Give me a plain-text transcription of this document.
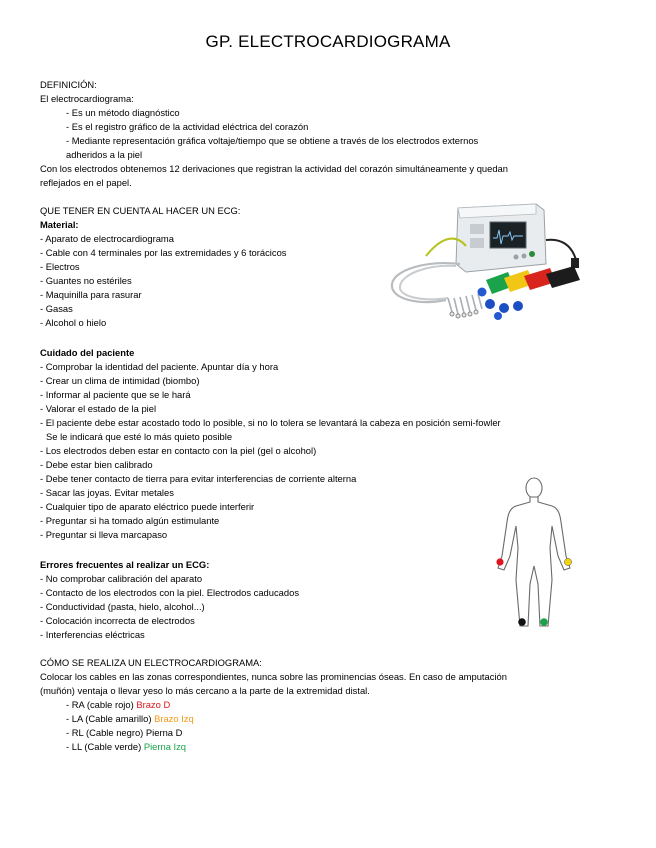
GP. ELECTROCARDIOGRAMA

DEFINICIÓN:

El electrocardiograma:

- Es un método diagnóstico

- Es el registro gráfico de la actividad eléctrica del corazón

- Mediante representación gráfica voltaje/tiempo que se obtiene a través de los electrodos externos

adheridos a la piel

Con los electrodos obtenemos 12 derivaciones que registran la actividad del corazón simultáneamente y quedan

reflejados en el papel.

QUE TENER EN CUENTA AL HACER UN ECG:

Material:

- Aparato de electrocardiograma

- Cable con 4 terminales por las extremidades y 6 torácicos

- Electros

- Guantes no estériles

- Maquinilla para rasurar

- Gasas

- Alcohol o hielo

Cuidado del paciente

- Comprobar la identidad del paciente. Apuntar día y hora

- Crear un clima de intimidad (biombo)

- Informar al paciente que se le hará

- Valorar el estado de la piel

- El paciente debe estar acostado todo lo posible, si no lo tolera se levantará la cabeza en posición semi-fowler

Se le indicará que esté lo más quieto posible

- Los electrodos deben estar en contacto con la piel (gel o alcohol)

- Debe estar bien calibrado

- Debe tener contacto de tierra para evitar interferencias de corriente alterna

- Sacar las joyas. Evitar metales

- Cualquier tipo de aparato eléctrico puede interferir

- Preguntar si ha tomado algún estimulante

- Preguntar si lleva marcapaso

Errores frecuentes al realizar un ECG:

- No comprobar calibración del aparato

- Contacto de los electrodos con la piel. Electrodos caducados

- Conductividad (pasta, hielo, alcohol...)

- Colocación incorrecta de electrodos

- Interferencias eléctricas

CÓMO SE REALIZA UN ELECTROCARDIOGRAMA:

Colocar los cables en las zonas correspondientes, nunca sobre las prominencias óseas. En caso de amputación

(muñón) ventaja o llevar yeso lo más cercano a la parte de la extremidad distal.

- RA (cable rojo) Brazo D

- LA (Cable amarillo) Brazo Izq

- RL (Cable negro) Pierna D

- LL (Cable verde) Pierna Izq
